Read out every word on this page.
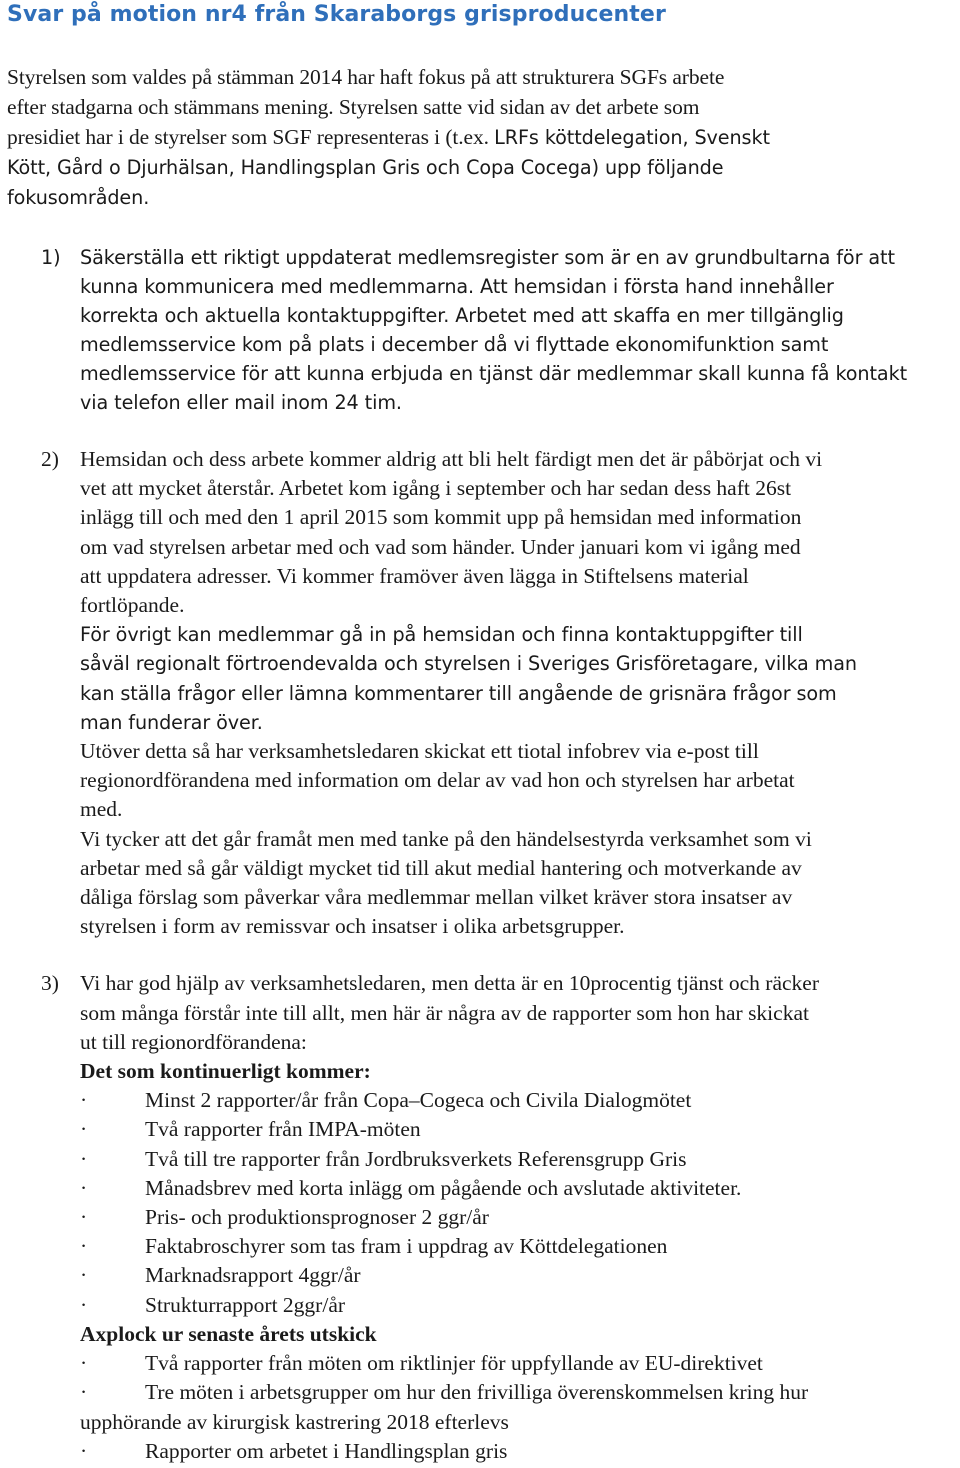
Svar på motion nr4 från Skaraborgs grisproducenter
Styrelsen som valdes på stämman 2014 har haft fokus på att strukturera SGFs arbete
efter stadgarna och stämmans mening. Styrelsen satte vid sidan av det arbete som
presidiet har i de styrelser som SGF representeras i (t.ex. LRFs köttdelegation, Svenskt
Kött, Gård o Djurhälsan, Handlingsplan Gris och Copa Cocega) upp följande
fokusområden.
1) Säkerställa ett riktigt uppdaterat medlemsregister som är en av grundbultarna för att
kunna kommunicera med medlemmarna. Att hemsidan i första hand innehåller
korrekta och aktuella kontaktuppgifter. Arbetet med att skaffa en mer tillgänglig
medlemsservice kom på plats i december då vi flyttade ekonomifunktion samt
medlemsservice för att kunna erbjuda en tjänst där medlemmar skall kunna få kontakt
via telefon eller mail inom 24 tim.
2) Hemsidan och dess arbete kommer aldrig att bli helt färdigt men det är påbörjat och vi
vet att mycket återstår. Arbetet kom igång i september och har sedan dess haft 26st
inlägg till och med den 1 april 2015 som kommit upp på hemsidan med information
om vad styrelsen arbetar med och vad som händer. Under januari kom vi igång med
att uppdatera adresser. Vi kommer framöver även lägga in Stiftelsens material
fortlöpande.
För övrigt kan medlemmar gå in på hemsidan och finna kontaktuppgifter till
såväl regionalt förtroendevalda och styrelsen i Sveriges Grisföretagare, vilka man
kan ställa frågor eller lämna kommentarer till angående de grisnära frågor som
man funderar över.
Utöver detta så har verksamhetsledaren skickat ett tiotal infobrev via e-post till
regionordförandena med information om delar av vad hon och styrelsen har arbetat
med.
Vi tycker att det går framåt men med tanke på den händelsestyrda verksamhet som vi
arbetar med så går väldigt mycket tid till akut medial hantering och motverkande av
dåliga förslag som påverkar våra medlemmar mellan vilket kräver stora insatser av
styrelsen i form av remissvar och insatser i olika arbetsgrupper.
3) Vi har god hjälp av verksamhetsledaren, men detta är en 10procentig tjänst och räcker
som många förstår inte till allt, men här är några av de rapporter som hon har skickat
ut till regionordförandena:
Det som kontinuerligt kommer:
·	Minst 2 rapporter/år från Copa–Cogeca och Civila Dialogmötet
·	Två rapporter från IMPA-möten
·	Två till tre rapporter från Jordbruksverkets Referensgrupp Gris
·	Månadsbrev med korta inlägg om pågående och avslutade aktiviteter.
·	Pris- och produktionsprognoser 2 ggr/år
·	Faktabroschyrer som tas fram i uppdrag av Köttdelegationen
·	Marknadsrapport 4ggr/år
·	Strukturrapport 2ggr/år
Axplock ur senaste årets utskick
·	Två rapporter från möten om riktlinjer för uppfyllande av EU-direktivet
·	Tre möten i arbetsgrupper om hur den frivilliga överenskommelsen kring hur
upphörande av kirurgisk kastrering 2018 efterlevs
·	Rapporter om arbetet i Handlingsplan gris
